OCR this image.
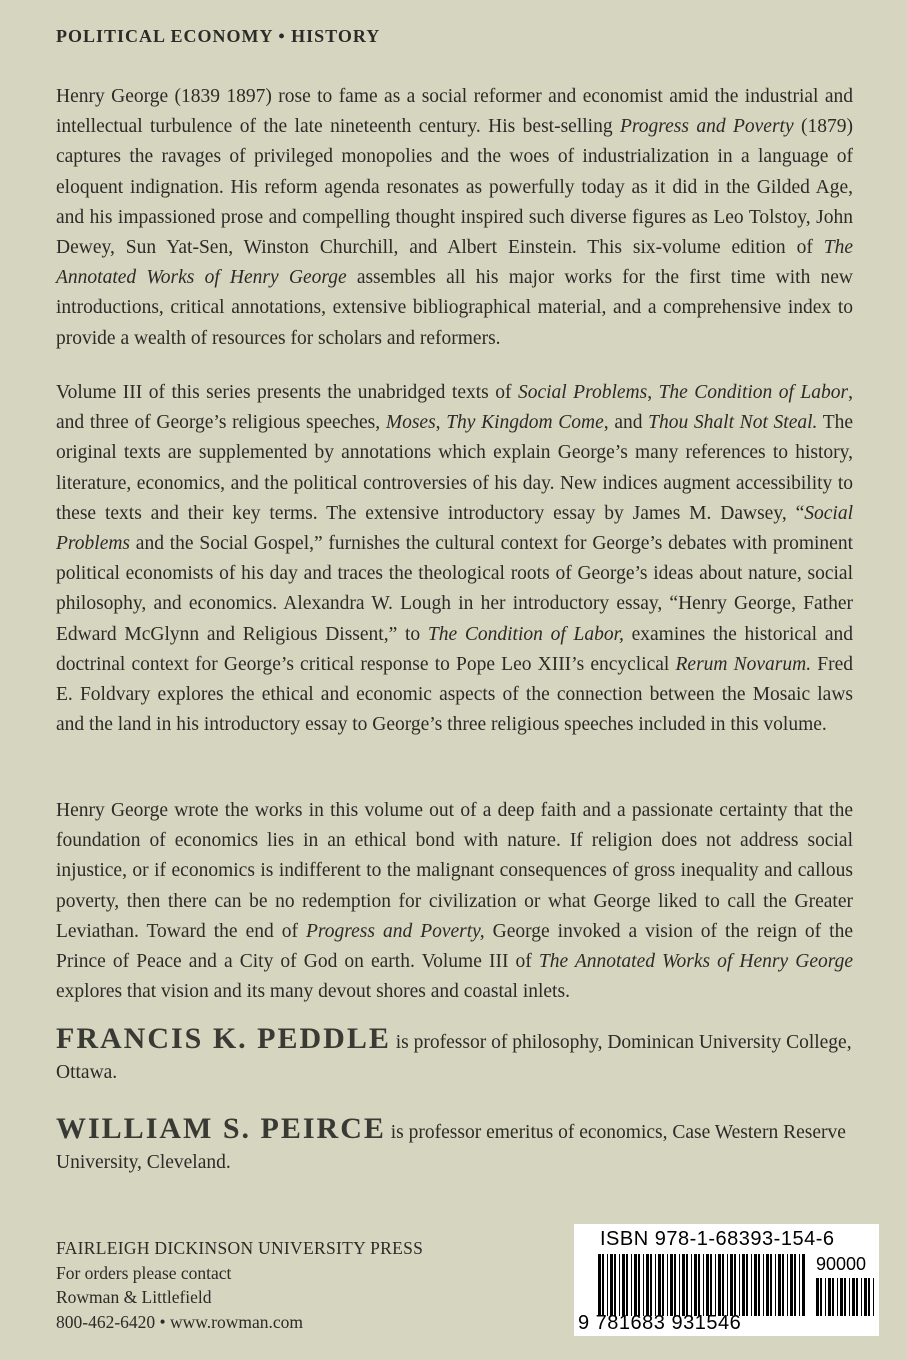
POLITICAL ECONOMY • HISTORY

Henry George (1839 1897) rose to fame as a social reformer and economist amid the industrial and intellectual turbulence of the late nineteenth century. His best-selling Progress and Poverty (1879) captures the ravages of privileged monopolies and the woes of industrialization in a language of eloquent indignation. His reform agenda resonates as powerfully today as it did in the Gilded Age, and his impassioned prose and compelling thought inspired such diverse figures as Leo Tolstoy, John Dewey, Sun Yat-Sen, Winston Churchill, and Albert Einstein. This six-volume edition of The Annotated Works of Henry George assembles all his major works for the first time with new introductions, critical annotations, extensive bibliographical material, and a comprehensive index to provide a wealth of resources for scholars and reformers.

Volume III of this series presents the unabridged texts of Social Problems, The Condition of Labor, and three of George’s religious speeches, Moses, Thy Kingdom Come, and Thou Shalt Not Steal. The original texts are supplemented by annotations which explain George’s many references to history, literature, economics, and the political controversies of his day. New indices augment accessibility to these texts and their key terms. The extensive introductory essay by James M. Dawsey, “Social Problems and the Social Gospel,” furnishes the cultural context for George’s debates with prominent political economists of his day and traces the theological roots of George’s ideas about nature, social philosophy, and economics. Alexandra W. Lough in her introductory essay, “Henry George, Father Edward McGlynn and Religious Dissent,” to The Condition of Labor, examines the historical and doctrinal context for George’s critical response to Pope Leo XIII’s encyclical Rerum Novarum. Fred E. Foldvary explores the ethical and economic aspects of the connection between the Mosaic laws and the land in his introductory essay to George’s three religious speeches included in this volume.

Henry George wrote the works in this volume out of a deep faith and a passionate certainty that the foundation of economics lies in an ethical bond with nature. If religion does not address social injustice, or if economics is indifferent to the malignant consequences of gross inequality and callous poverty, then there can be no redemption for civilization or what George liked to call the Greater Leviathan. Toward the end of Progress and Poverty, George invoked a vision of the reign of the Prince of Peace and a City of God on earth. Volume III of The Annotated Works of Henry George explores that vision and its many devout shores and coastal inlets.

FRANCIS K. PEDDLE is professor of philosophy, Dominican University College, Ottawa.

WILLIAM S. PEIRCE is professor emeritus of economics, Case Western Reserve University, Cleveland.

FAIRLEIGH DICKINSON UNIVERSITY PRESS
For orders please contact
Rowman & Littlefield
800-462-6420 • www.rowman.com
ISBN 978-1-68393-154-6
90000
9 781683 931546
